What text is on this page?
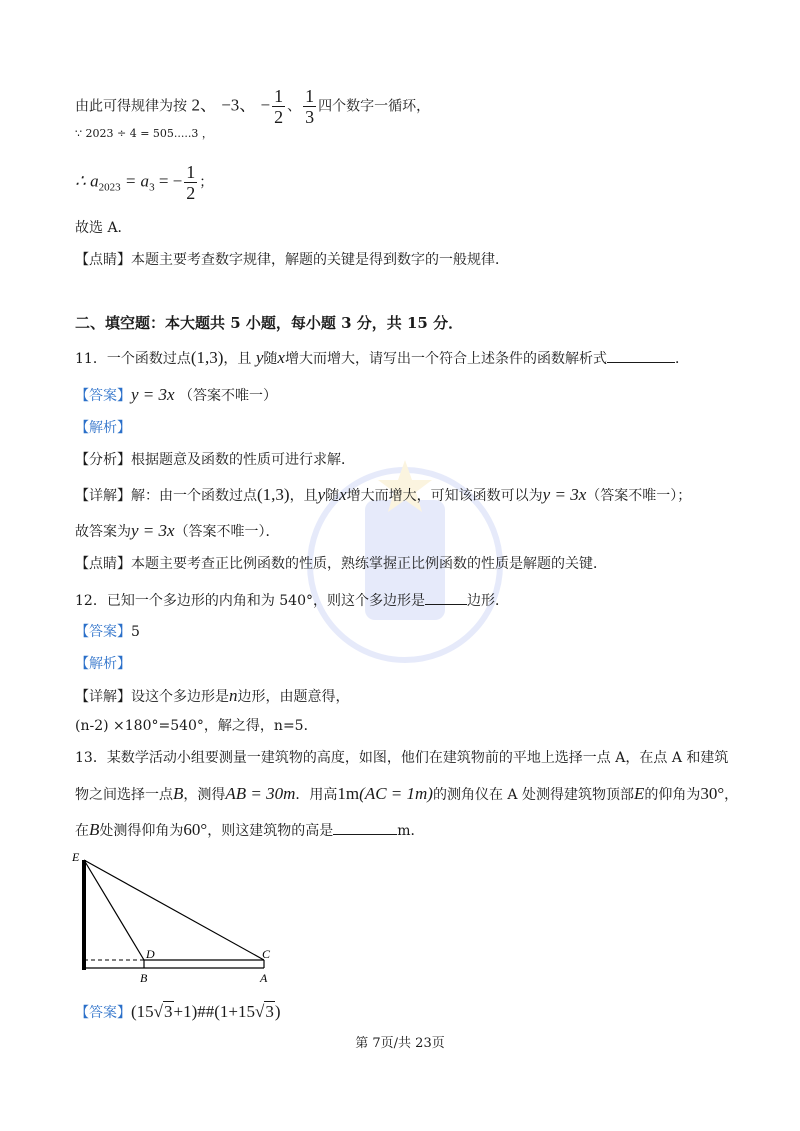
由此可得规律为按 2、 −3、 − $\frac{1}{2}$ 、 $\frac{1}{3}$ 四个数字一循环，
∵ 2023 ÷ 4 = 505.....3 ，
∴ $a_{2023} = a_3$ = − $\frac{1}{2}$ ；
故选 A．
【点睛】本题主要考查数字规律，解题的关键是得到数字的一般规律．
二、填空题：本大题共 5 小题，每小题 3 分，共 15 分．
11．一个函数过点(1,3)，且 y随x增大而增大，请写出一个符合上述条件的函数解析式	．
【答案】y = 3x （答案不唯一）
【解析】
【分析】根据题意及函数的性质可进行求解．
【详解】解：由一个函数过点(1,3)，且y随x增大而增大，可知该函数可以为y = 3x（答案不唯一）；
故答案为y = 3x（答案不唯一）．
【点睛】本题主要考查正比例函数的性质，熟练掌握正比例函数的性质是解题的关键．
12．已知一个多边形的内角和为 540°，则这个多边形是	边形．
【答案】5
【解析】
【详解】设这个多边形是n边形，由题意得，
(n-2) ×180°=540°，解之得，n=5．
13．某数学活动小组要测量一建筑物的高度，如图，他们在建筑物前的平地上选择一点 A，在点 A 和建筑
物之间选择一点B，测得AB = 30m．用高1m(AC = 1m)的测角仪在 A 处测得建筑物顶部E的仰角为30°，
在B处测得仰角为60°，则这建筑物的高是	m．
E
D	C
B	A
【答案】(15√3+1)##(1+15√3)
第 7页/共 23页
